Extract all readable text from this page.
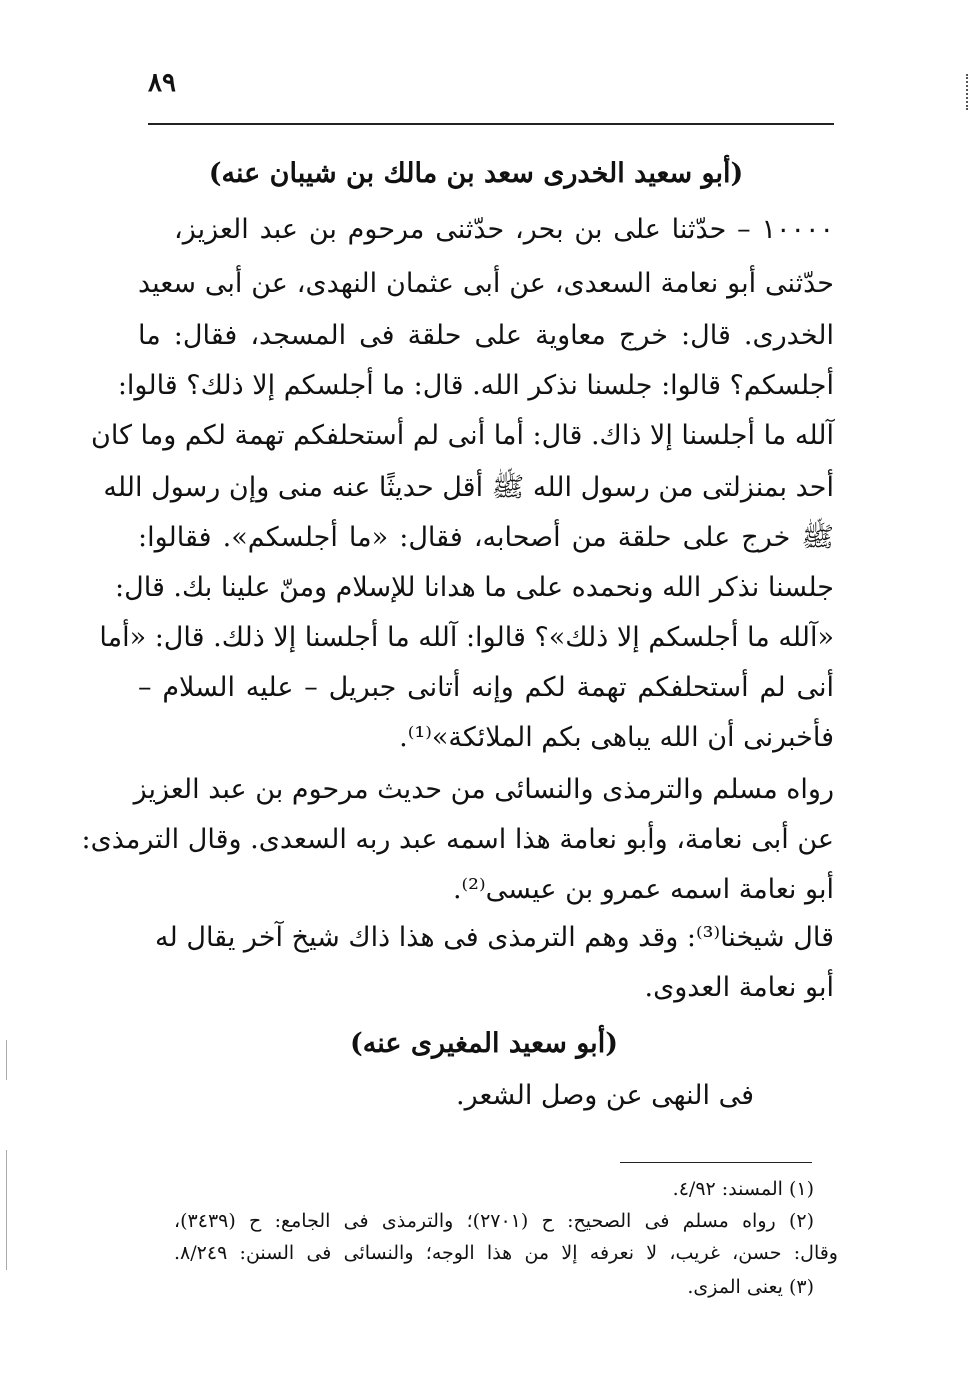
٨٩
(أبو سعيد الخدرى سعد بن مالك بن شيبان عنه)
١٠٠٠٠ – حدّثنا على بن بحر، حدّثنى مرحوم بن عبد العزيز،
حدّثنى أبو نعامة السعدى، عن أبى عثمان النهدى، عن أبى سعيد
الخدرى. قال: خرج معاوية على حلقة فى المسجد، فقال: ما
أجلسكم؟ قالوا: جلسنا نذكر الله. قال: ما أجلسكم إلا ذلك؟ قالوا:
آلله ما أجلسنا إلا ذاك. قال: أما أنى لم أستحلفكم تهمة لكم وما كان
أحد بمنزلتى من رسول الله ﷺ أقل حديثًا عنه منى وإن رسول الله
ﷺ خرج على حلقة من أصحابه، فقال: «ما أجلسكم». فقالوا:
جلسنا نذكر الله ونحمده على ما هدانا للإسلام ومنّ علينا بك. قال:
«آلله ما أجلسكم إلا ذلك»؟ قالوا: آلله ما أجلسنا إلا ذلك. قال: «أما
أنى لم أستحلفكم تهمة لكم وإنه أتانى جبريل – عليه السلام –
فأخبرنى أن الله يباهى بكم الملائكة»⁽¹⁾.
رواه مسلم والترمذى والنسائى من حديث مرحوم بن عبد العزيز
عن أبى نعامة، وأبو نعامة هذا اسمه عبد ربه السعدى. وقال الترمذى:
أبو نعامة اسمه عمرو بن عيسى⁽²⁾.
قال شيخنا⁽³⁾: وقد وهم الترمذى فى هذا ذاك شيخ آخر يقال له
أبو نعامة العدوى.
(أبو سعيد المغيرى عنه)
فى النهى عن وصل الشعر.
(١) المسند: ٤/٩٢.
(٢) رواه مسلم فى الصحيح: ح (٢٧٠١)؛ والترمذى فى الجامع: ح (٣٤٣٩)،
وقال: حسن، غريب، لا نعرفه إلا من هذا الوجه؛ والنسائى فى السنن: ٨/٢٤٩.
(٣) يعنى المزى.
